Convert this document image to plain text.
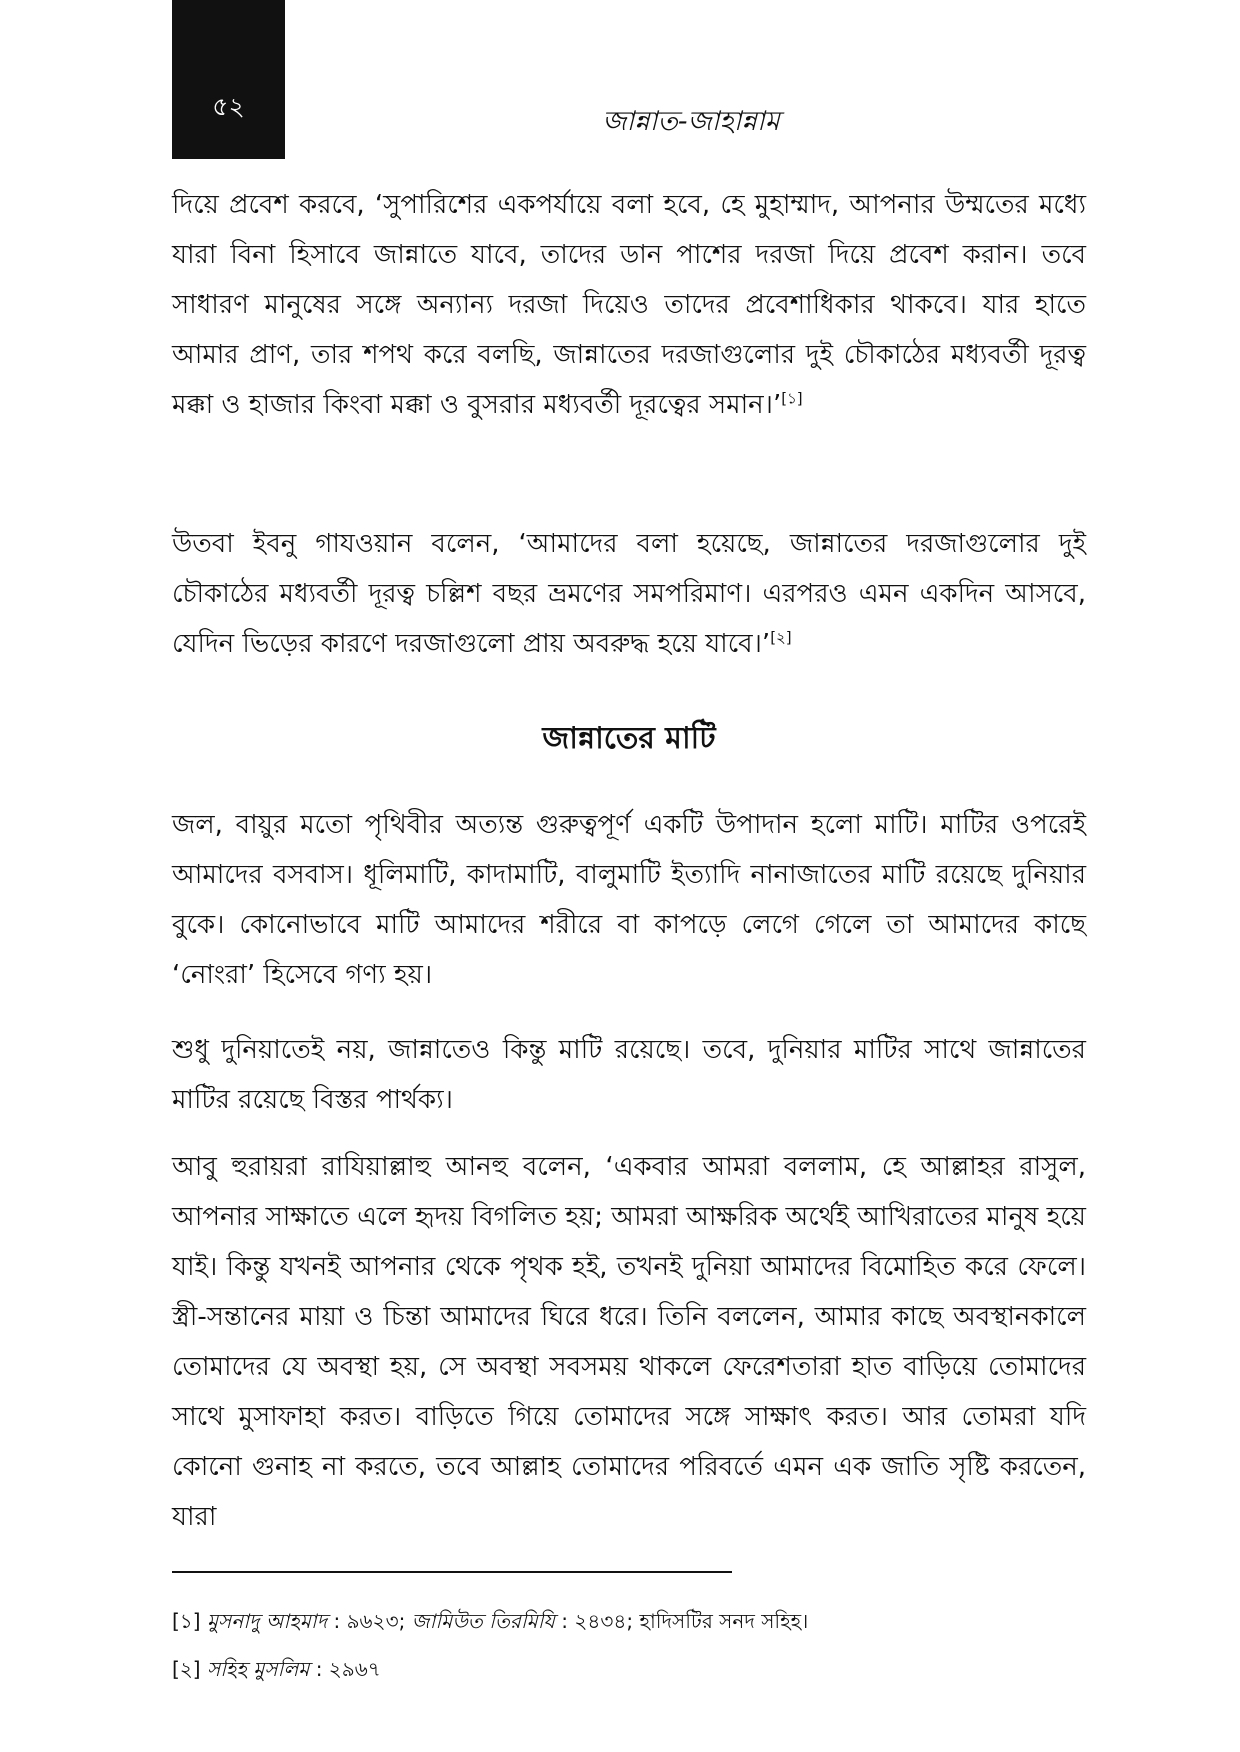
৫২	জান্নাত-জাহান্নাম

দিয়ে প্রবেশ করবে, ‘সুপারিশের একপর্যায়ে বলা হবে, হে মুহাম্মাদ, আপনার উম্মতের মধ্যে যারা বিনা হিসাবে জান্নাতে যাবে, তাদের ডান পাশের দরজা দিয়ে প্রবেশ করান। তবে সাধারণ মানুষের সঙ্গে অন্যান্য দরজা দিয়েও তাদের প্রবেশাধিকার থাকবে। যার হাতে আমার প্রাণ, তার শপথ করে বলছি, জান্নাতের দরজাগুলোর দুই চৌকাঠের মধ্যবর্তী দূরত্ব মক্কা ও হাজার কিংবা মক্কা ও বুসরার মধ্যবর্তী দূরত্বের সমান।’[১]

উতবা ইবনু গাযওয়ান বলেন, ‘আমাদের বলা হয়েছে, জান্নাতের দরজাগুলোর দুই চৌকাঠের মধ্যবর্তী দূরত্ব চল্লিশ বছর ভ্রমণের সমপরিমাণ। এরপরও এমন একদিন আসবে, যেদিন ভিড়ের কারণে দরজাগুলো প্রায় অবরুদ্ধ হয়ে যাবে।’[২]

জান্নাতের মাটি

জল, বায়ুর মতো পৃথিবীর অত্যন্ত গুরুত্বপূর্ণ একটি উপাদান হলো মাটি। মাটির ওপরেই আমাদের বসবাস। ধূলিমাটি, কাদামাটি, বালুমাটি ইত্যাদি নানাজাতের মাটি রয়েছে দুনিয়ার বুকে। কোনোভাবে মাটি আমাদের শরীরে বা কাপড়ে লেগে গেলে তা আমাদের কাছে ‘নোংরা’ হিসেবে গণ্য হয়।

শুধু দুনিয়াতেই নয়, জান্নাতেও কিন্তু মাটি রয়েছে। তবে, দুনিয়ার মাটির সাথে জান্নাতের মাটির রয়েছে বিস্তর পার্থক্য।

আবু হুরায়রা রাযিয়াল্লাহু আনহু বলেন, ‘একবার আমরা বললাম, হে আল্লাহর রাসুল, আপনার সাক্ষাতে এলে হৃদয় বিগলিত হয়; আমরা আক্ষরিক অর্থেই আখিরাতের মানুষ হয়ে যাই। কিন্তু যখনই আপনার থেকে পৃথক হই, তখনই দুনিয়া আমাদের বিমোহিত করে ফেলে। স্ত্রী-সন্তানের মায়া ও চিন্তা আমাদের ঘিরে ধরে। তিনি বললেন, আমার কাছে অবস্থানকালে তোমাদের যে অবস্থা হয়, সে অবস্থা সবসময় থাকলে ফেরেশতারা হাত বাড়িয়ে তোমাদের সাথে মুসাফাহা করত। বাড়িতে গিয়ে তোমাদের সঙ্গে সাক্ষাৎ করত। আর তোমরা যদি কোনো গুনাহ না করতে, তবে আল্লাহ তোমাদের পরিবর্তে এমন এক জাতি সৃষ্টি করতেন, যারা

[১] মুসনাদু আহমাদ : ৯৬২৩; জামিউত তিরমিযি : ২৪৩৪; হাদিসটির সনদ সহিহ।

[২] সহিহ মুসলিম : ২৯৬৭
